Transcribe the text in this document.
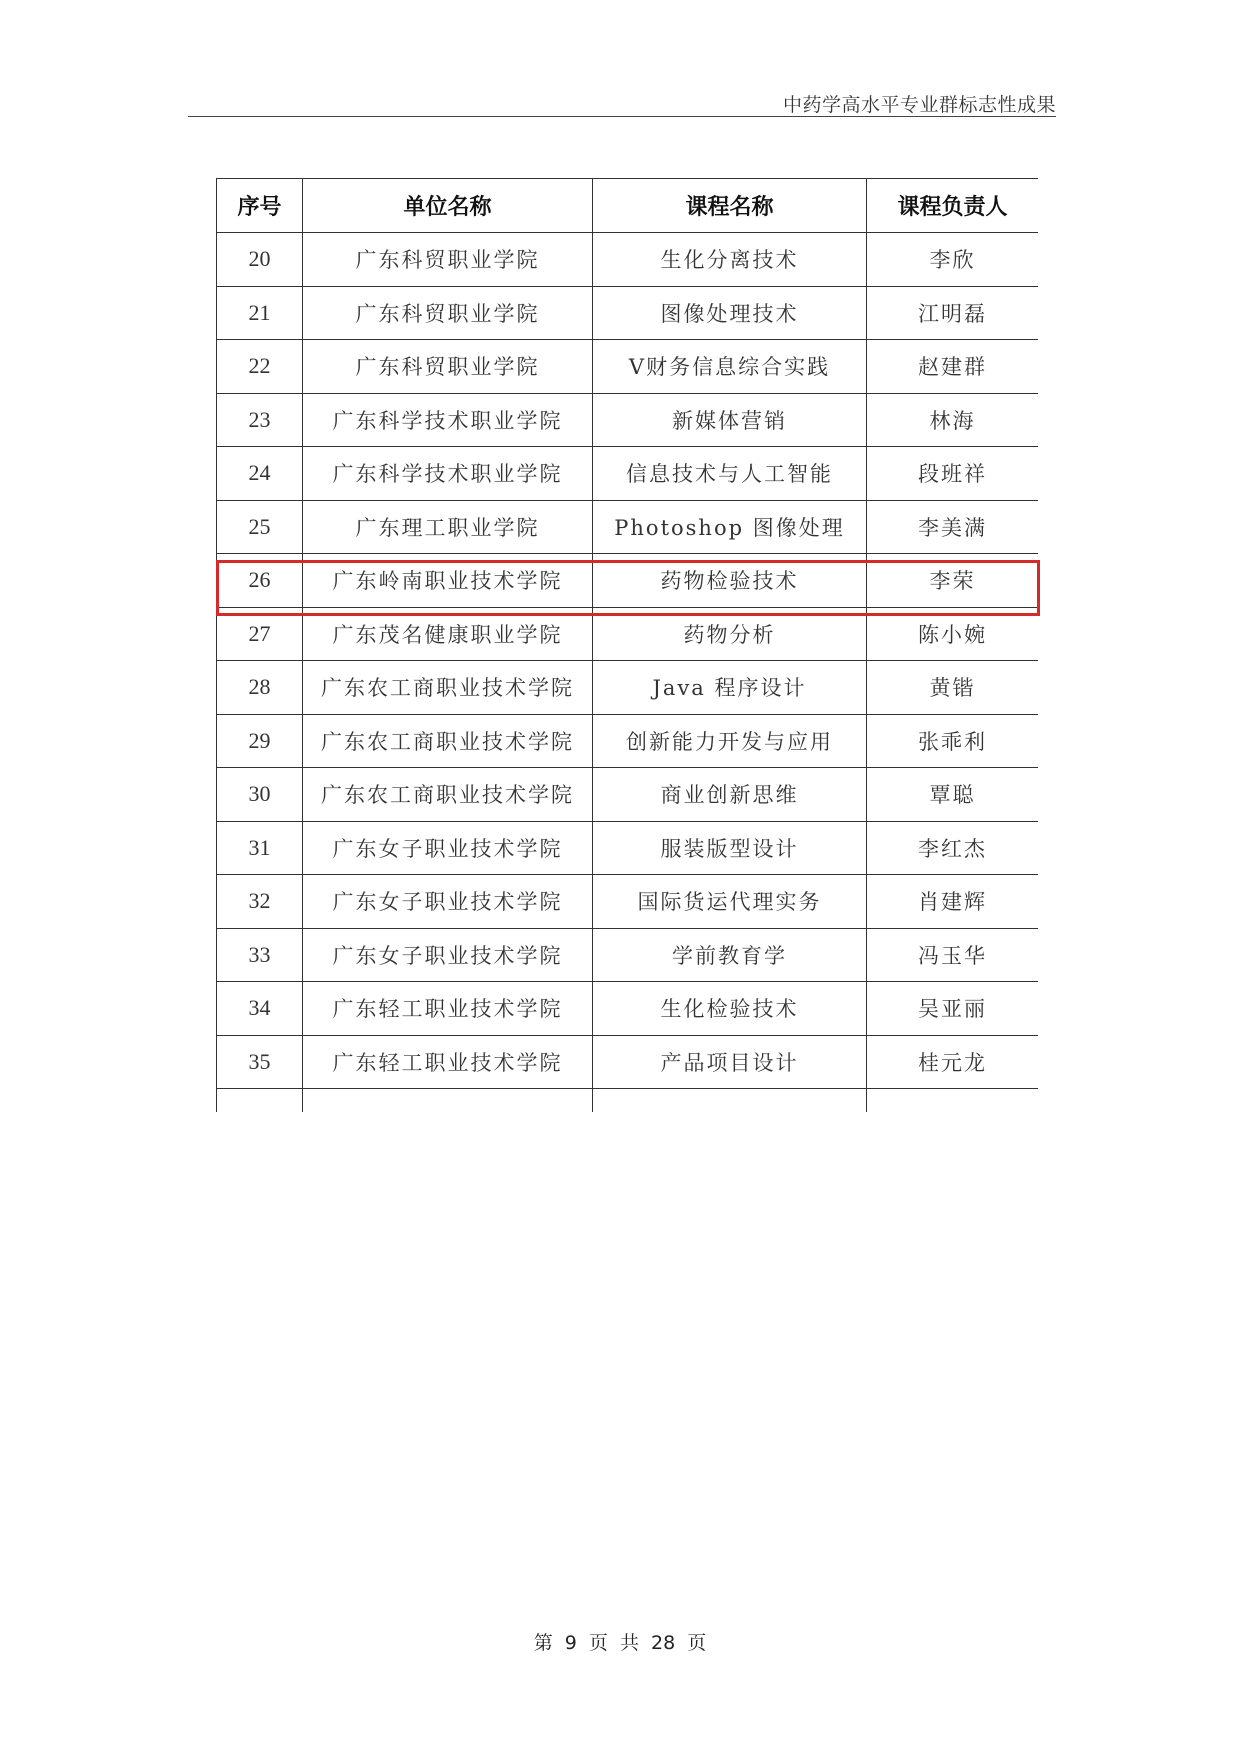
中药学高水平专业群标志性成果
序号	单位名称	课程名称	课程负责人
20	广东科贸职业学院	生化分离技术	李欣
21	广东科贸职业学院	图像处理技术	江明磊
22	广东科贸职业学院	V财务信息综合实践	赵建群
23	广东科学技术职业学院	新媒体营销	林海
24	广东科学技术职业学院	信息技术与人工智能	段班祥
25	广东理工职业学院	Photoshop 图像处理	李美满
26	广东岭南职业技术学院	药物检验技术	李荣
27	广东茂名健康职业学院	药物分析	陈小婉
28	广东农工商职业技术学院	Java 程序设计	黄锴
29	广东农工商职业技术学院	创新能力开发与应用	张乖利
30	广东农工商职业技术学院	商业创新思维	覃聪
31	广东女子职业技术学院	服装版型设计	李红杰
32	广东女子职业技术学院	国际货运代理实务	肖建辉
33	广东女子职业技术学院	学前教育学	冯玉华
34	广东轻工职业技术学院	生化检验技术	吴亚丽
35	广东轻工职业技术学院	产品项目设计	桂元龙

第 9 页 共 28 页
